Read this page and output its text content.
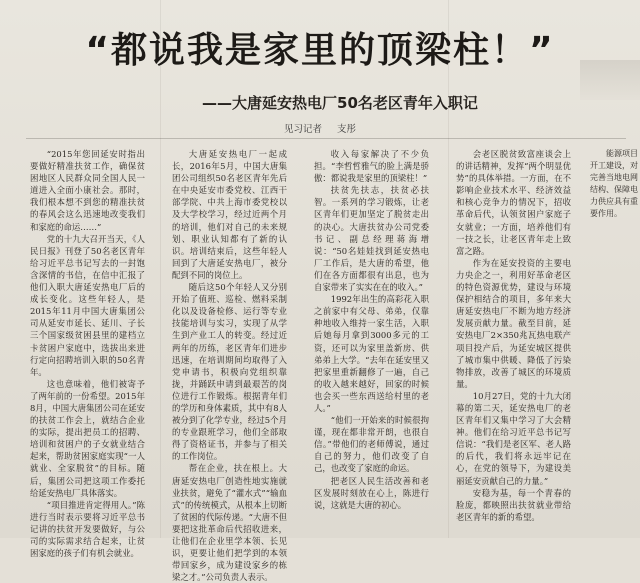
“都说我是家里的顶梁柱！”
——大唐延安热电厂50名老区青年入职记
见习记者 支彤

“2015年您回延安时指出要做好精准扶贫工作，确保贫困地区人民群众同全国人民一道进入全面小康社会。那时，我们根本想不到您的精准扶贫的春风会这么迅速地改变我们和家庭的命运……”

党的十九大召开当天，《人民日报》刊登了50名老区青年给习近平总书记写去的一封饱含深情的书信，在信中汇报了他们入职大唐延安热电厂后的成长变化。这些年轻人，是2015年11月中国大唐集团公司从延安市延长、延川、子长三个国家级贫困县里的建档立卡贫困户家庭中，选拔出来进行定向招聘培训入职的50名青年。

这也意味着，他们被寄予了两年前的一份希望。2015年8月，中国大唐集团公司在延安的扶贫工作会上，就结合企业的实际，提出把员工的招聘、培训和贫困户的子女就业结合起来，帮助贫困家庭实现“一人就业、全家脱贫”的目标。随后，集团公司把这项工作委托给延安热电厂具体落实。

“项目推进肯定得用人。”陈进行当时表示要将习近平总书记讲的扶贫开发要做好，与公司的实际需求结合起来，让贫困家庭的孩子们有机会就业。

大唐延安热电厂一起成长，2016年5月，中国大唐集团公司组织50名老区青年先后在中央延安市委党校、江西干部学院、中共上海市委党校以及大学校学习，经过近两个月的培训，他们对自己的未来规划、职业认知都有了新的认识。培训结束后，这些年轻人回到了大唐延安热电厂，被分配到不同的岗位上。

随后这50个年轻人又分别开始了值班、巡检、燃料采制化以及设备检修、运行等专业技能培训与实习，实现了从学生到产业工人的转变。经过近两年的历练，老区青年们进步迅速，在培训期间均取得了入党申请书，积极向党组织靠拢，并踊跃申请到最艰苦的岗位进行工作锻炼。根据青年们的学历和身体素质，其中有8人被分到了化学专业，经过5个月的专业跟班学习，他们全部取得了资格证书，并参与了相关的工作岗位。

帮在企业，扶在根上。大唐延安热电厂创造性地实施就业扶贫，避免了“灌水式”“输血式”的传统模式，从根本上切断了贫困的代际传递。“大唐不但要把这批革命后代招收进来，让他们在企业里学本领、长见识，更要让他们把学到的本领带回家乡，成为建设家乡的栋梁之才。”公司负责人表示。

收入每家解决了不少负担。“李哲哲雅气的脸上满是骄傲：都说我是家里的顶梁柱！”

扶贫先扶志，扶贫必扶智。一系列的学习锻炼，让老区青年们更加坚定了脱贫走出的决心。大唐扶贫办公司党委书记、副总经理蒋海增说：“50名娃娃找到延安热电厂工作后，是大唐的希望，他们在各方面都很有出息，也为自家带来了实实在在的收入。”

1992年出生的高彩花入职之前家中有父母、弟弟，仅靠种地收入维持一家生活，入职后她每月拿到3000多元的工资，还可以为家里盖新房、供弟弟上大学。“去年在延安里又把家里重新翻修了一遍，自己的收入越来越好，回家的时候也会买一些东西送给村里的老人。”

“他们一开始来的时候很拘谨，现在都非常开朗，也很自信。”带他们的老师傅说，通过自己的努力，他们改变了自己，也改变了家庭的命运。

把老区人民生活改善和老区发展时刻放在心上，陈进行说，这就是大唐的初心。

会老区脱贫致富座谈会上的讲话精神，发挥“两个明显优势”的具体举措。一方面，在不影响企业技术水平、经济效益和核心竞争力的情况下，招收革命后代，认领贫困户家庭子女就业；一方面，培养他们有一技之长，让老区青年走上致富之路。

作为在延安投资的主要电力央企之一，利用好革命老区的特色资源优势，建设与环境保护相结合的项目，多年来大唐延安热电厂不断为地方经济发展贡献力量。截至目前，延安热电厂2×350兆瓦热电联产项目投产后，为延安城区提供了城市集中供暖、降低了污染物排放，改善了城区的环境质量。

10月27日，党的十九大闭幕的第二天，延安热电厂的老区青年们又集中学习了大会精神。他们在给习近平总书记写信说：“我们是老区军、老人路的后代，我们将永远牢记在心，在党的领导下，为建设美丽延安贡献自己的力量。”

安稳为基，每一个青春的脸庞，都映照出扶贫就业带给老区青年的新的希望。

能源项目开工建设，对完善当地电网结构、保障电力供应具有重要作用。
